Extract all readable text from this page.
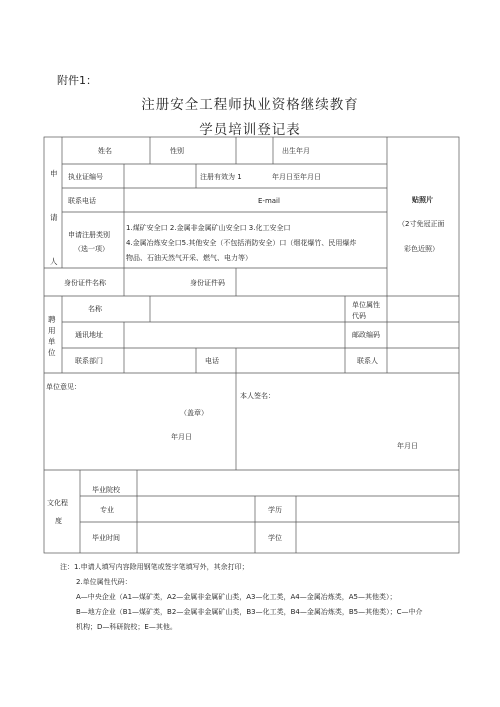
附件1：
注册安全工程师执业资格继续教育
学员培训登记表
申
请
人
姓名	性别	出生年月
执业证编号	注册有效为 1	年月日至年月日
联系电话	E-mail
申请注册类别
（选一项）
1.煤矿安全口 2.金属非金属矿山安全口 3.化工安全口
4.金属冶炼安全口5.其他安全（不包括消防安全）口（烟花爆竹、民用爆炸
物品、石油天然气开采、燃气、电力等）
身份证件名称	身份证件码
贴照片
（2寸免冠正面
彩色近照）
聘
用
单
位
名称	单位属性
代码
通讯地址	邮政编码
联系部门	电话	联系人
单位意见：
（盖章）
年月日
本人签名：
年月日
文化程
度
毕业院校
专业	学历
毕业时间	学位
注：1.申请人填写内容除用钢笔或签字笔填写外，其余打印；
2.单位属性代码：
A—中央企业（A1—煤矿类，A2—金属非金属矿山类，A3—化工类，A4—金属冶炼类，A5—其他类）；
B—地方企业（B1—煤矿类，B2—金属非金属矿山类，B3—化工类，B4—金属冶炼类，B5—其他类）；C—中介
机构；D—科研院校；E—其他。
